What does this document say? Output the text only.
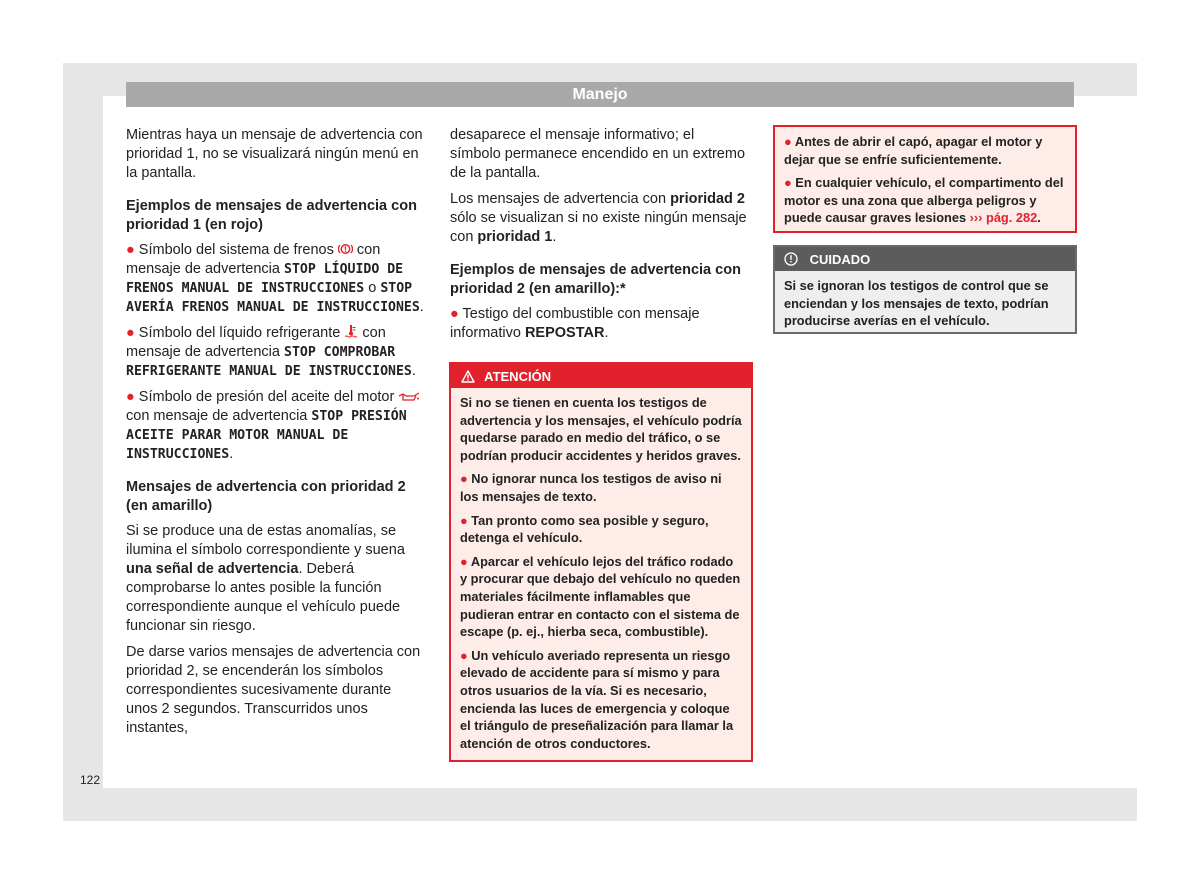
Manejo

Mientras haya un mensaje de advertencia con prioridad 1, no se visualizará ningún menú en la pantalla.

Ejemplos de mensajes de advertencia con prioridad 1 (en rojo)

● Símbolo del sistema de frenos con mensaje de advertencia STOP LÍQUIDO DE FRENOS MANUAL DE INSTRUCCIONES o STOP AVERÍA FRENOS MANUAL DE INSTRUCCIONES.

● Símbolo del líquido refrigerante con mensaje de advertencia STOP COMPROBAR REFRIGERANTE MANUAL DE INSTRUCCIONES.

● Símbolo de presión del aceite del motor  con mensaje de advertencia STOP PRESIÓN ACEITE PARAR MOTOR MANUAL DE INSTRUCCIONES.

Mensajes de advertencia con prioridad 2 (en amarillo)

Si se produce una de estas anomalías, se ilumina el símbolo correspondiente y suena una señal de advertencia. Deberá comprobarse lo antes posible la función correspondiente aunque el vehículo puede funcionar sin riesgo.

De darse varios mensajes de advertencia con prioridad 2, se encenderán los símbolos correspondientes sucesivamente durante unos 2 segundos. Transcurridos unos instantes,

desaparece el mensaje informativo; el símbolo permanece encendido en un extremo de la pantalla.

Los mensajes de advertencia con prioridad 2 sólo se visualizan si no existe ningún mensaje con prioridad 1.

Ejemplos de mensajes de advertencia con prioridad 2 (en amarillo):*

● Testigo del combustible con mensaje informativo REPOSTAR.

ATENCIÓN

Si no se tienen en cuenta los testigos de advertencia y los mensajes, el vehículo podría quedarse parado en medio del tráfico, o se podrían producir accidentes y heridos graves.

● No ignorar nunca los testigos de aviso ni los mensajes de texto.

● Tan pronto como sea posible y seguro, detenga el vehículo.

● Aparcar el vehículo lejos del tráfico rodado y procurar que debajo del vehículo no queden materiales fácilmente inflamables que pudieran entrar en contacto con el sistema de escape (p. ej., hierba seca, combustible).

● Un vehículo averiado representa un riesgo elevado de accidente para sí mismo y para otros usuarios de la vía. Si es necesario, encienda las luces de emergencia y coloque el triángulo de preseñalización para llamar la atención de otros conductores.

● Antes de abrir el capó, apagar el motor y dejar que se enfríe suficientemente.

● En cualquier vehículo, el compartimento del motor es una zona que alberga peligros y puede causar graves lesiones ››› pág. 282.

CUIDADO
Si se ignoran los testigos de control que se enciendan y los mensajes de texto, podrían producirse averías en el vehículo.
122
